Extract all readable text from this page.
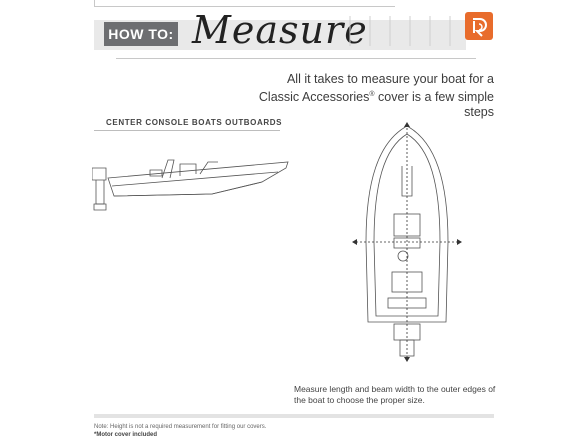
HOW TO: Measure
All it takes to measure your boat for a
Classic Accessories® cover is a few simple steps
CENTER CONSOLE BOATS OUTBOARDS
Measure length and beam width to the outer edges of the boat to choose the proper size.
Note: Height is not a required measurement for fitting our covers.
*Motor cover included
